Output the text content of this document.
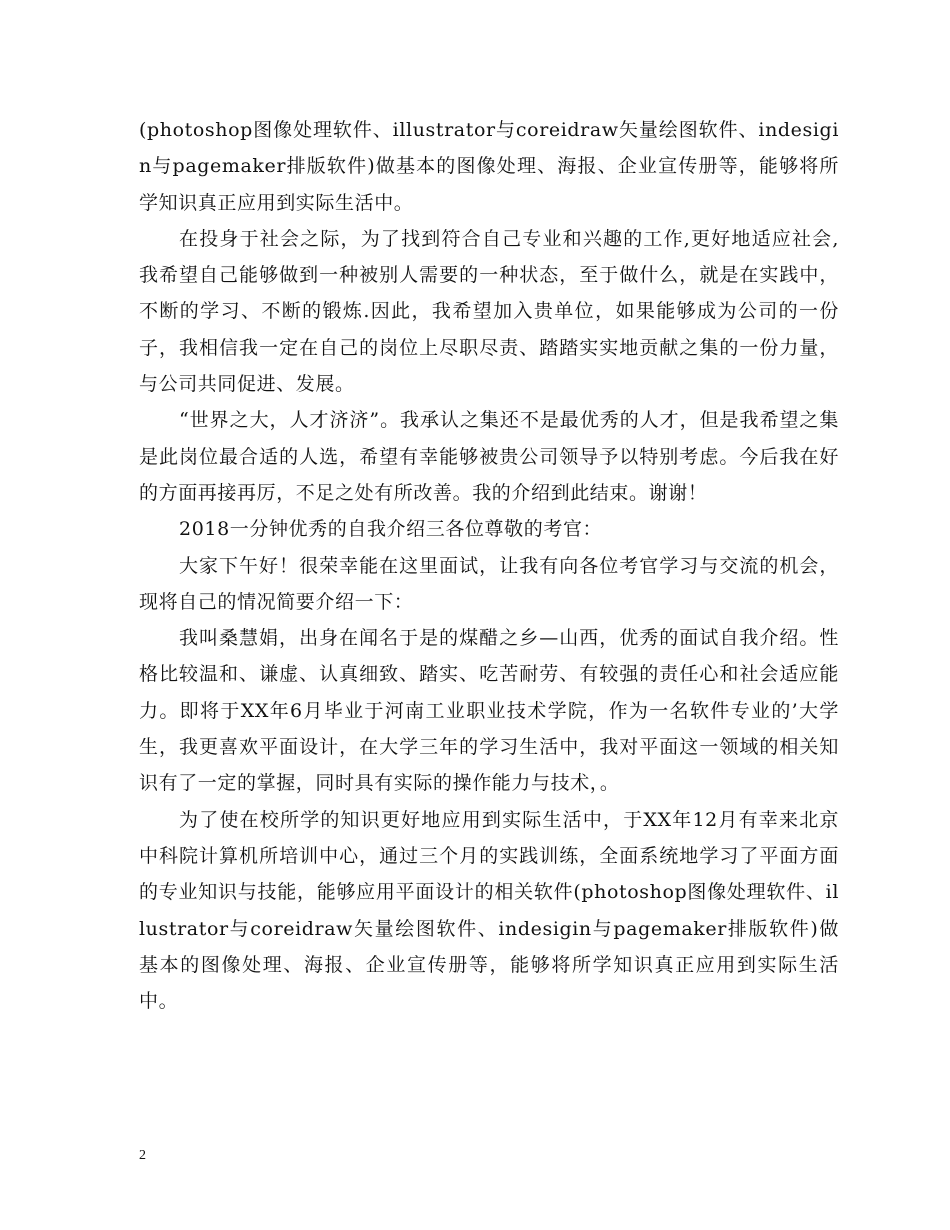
(photoshop图像处理软件、illustrator与coreidraw矢量绘图软件、indesigin与pagemaker排版软件)做基本的图像处理、海报、企业宣传册等，能够将所学知识真正应用到实际生活中。

在投身于社会之际，为了找到符合自己专业和兴趣的工作,更好地适应社会,我希望自己能够做到一种被别人需要的一种状态，至于做什么，就是在实践中，不断的学习、不断的锻炼.因此，我希望加入贵单位，如果能够成为公司的一份子，我相信我一定在自己的岗位上尽职尽责、踏踏实实地贡献之集的一份力量，与公司共同促进、发展。

“世界之大，人才济济”。我承认之集还不是最优秀的人才，但是我希望之集是此岗位最合适的人选，希望有幸能够被贵公司领导予以特别考虑。今后我在好的方面再接再厉，不足之处有所改善。我的介绍到此结束。谢谢！

2018一分钟优秀的自我介绍三各位尊敬的考官：

大家下午好！很荣幸能在这里面试，让我有向各位考官学习与交流的机会，现将自己的情况简要介绍一下：

我叫桑慧娟，出身在闻名于是的煤醋之乡—山西，优秀的面试自我介绍。性格比较温和、谦虚、认真细致、踏实、吃苦耐劳、有较强的责任心和社会适应能力。即将于XX年6月毕业于河南工业职业技术学院，作为一名软件专业的’大学生，我更喜欢平面设计，在大学三年的学习生活中，我对平面这一领域的相关知识有了一定的掌握，同时具有实际的操作能力与技术，。

为了使在校所学的知识更好地应用到实际生活中，于XX年12月有幸来北京中科院计算机所培训中心，通过三个月的实践训练，全面系统地学习了平面方面的专业知识与技能，能够应用平面设计的相关软件(photoshop图像处理软件、illustrator与coreidraw矢量绘图软件、indesigin与pagemaker排版软件)做基本的图像处理、海报、企业宣传册等，能够将所学知识真正应用到实际生活中。

2
